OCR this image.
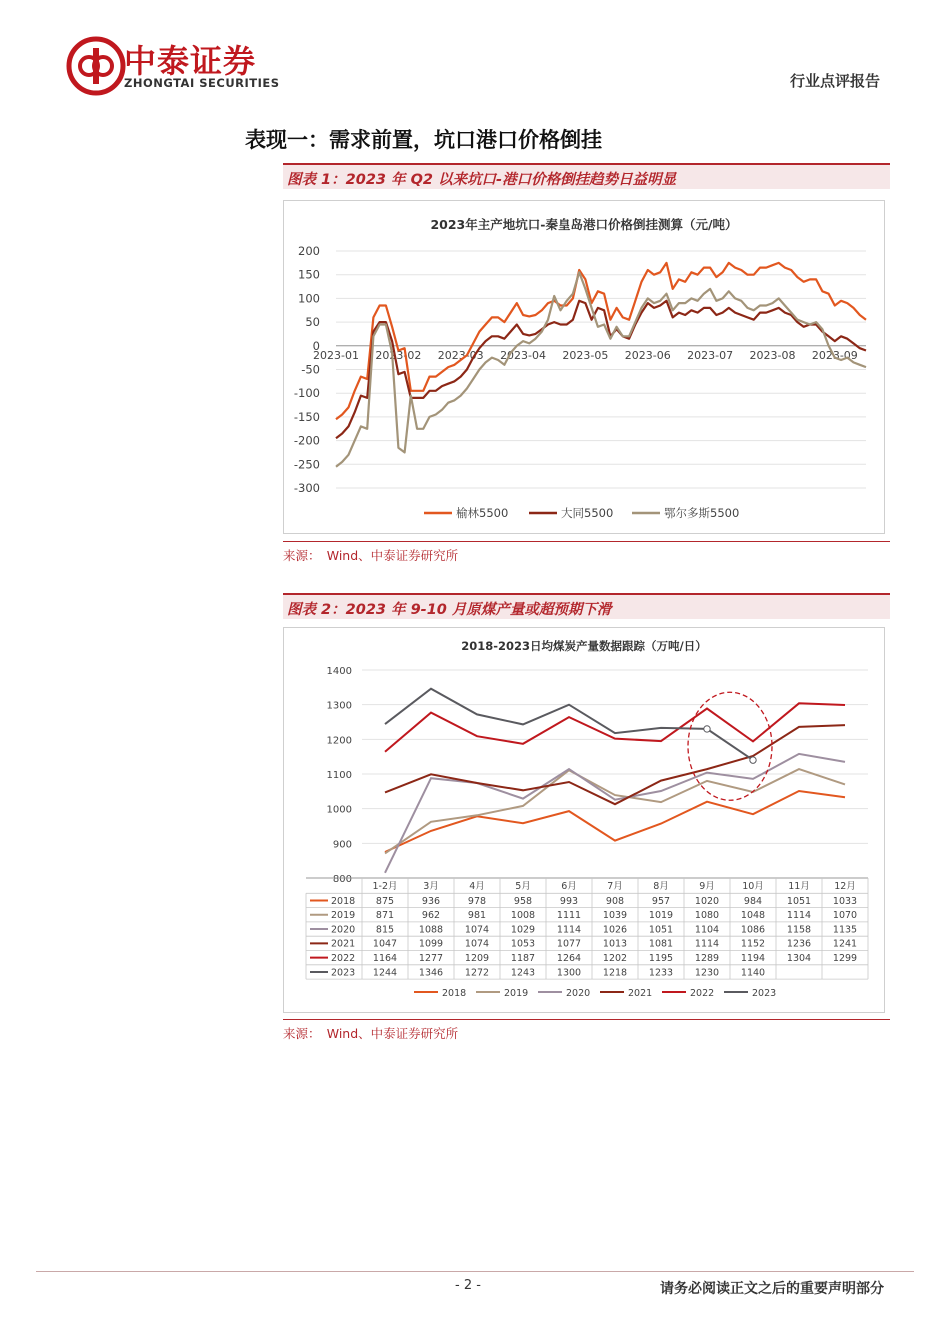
中泰证券
ZHONGTAI SECURITIES	行业点评报告
表现一：需求前置，坑口港口价格倒挂
图表 1：2023 年 Q2 以来坑口-港口价格倒挂趋势日益明显
2023年主产地坑口-秦皇岛港口价格倒挂测算（元/吨）
200
150
100
50
0
-50
-100
-150
-200
-250
-300
2023-01 2023-02 2023-03 2023-04 2023-05 2023-06 2023-07 2023-08 2023-09
榆林5500	大同5500	鄂尔多斯5500
来源：　Wind、中泰证券研究所
图表 2：2023 年 9-10 月原煤产量或超预期下滑
2018-2023日均煤炭产量数据跟踪（万吨/日）
1400
1300
1200
1100
1000
900
800
1-2月	3月	4月	5月	6月	7月	8月	9月	10月	11月	12月
2018 875	936	978	958	993	908	957	1020	984	1051 1033
2019 871	962	981	1008 1111 1039 1019 1080 1048 1114 1070
2020 815	1088 1074 1029 1114 1026 1051 1104 1086 1158 1135
2021 1047 1099 1074 1053 1077 1013 1081 1114 1152 1236 1241
2022 1164 1277 1209 1187 1264 1202 1195 1289 1194 1304 1299
2023 1244 1346 1272 1243 1300 1218 1233 1230 1140
2018	2019	2020	2021	2022	2023
来源：　Wind、中泰证券研究所
- 2 -	请务必阅读正文之后的重要声明部分
